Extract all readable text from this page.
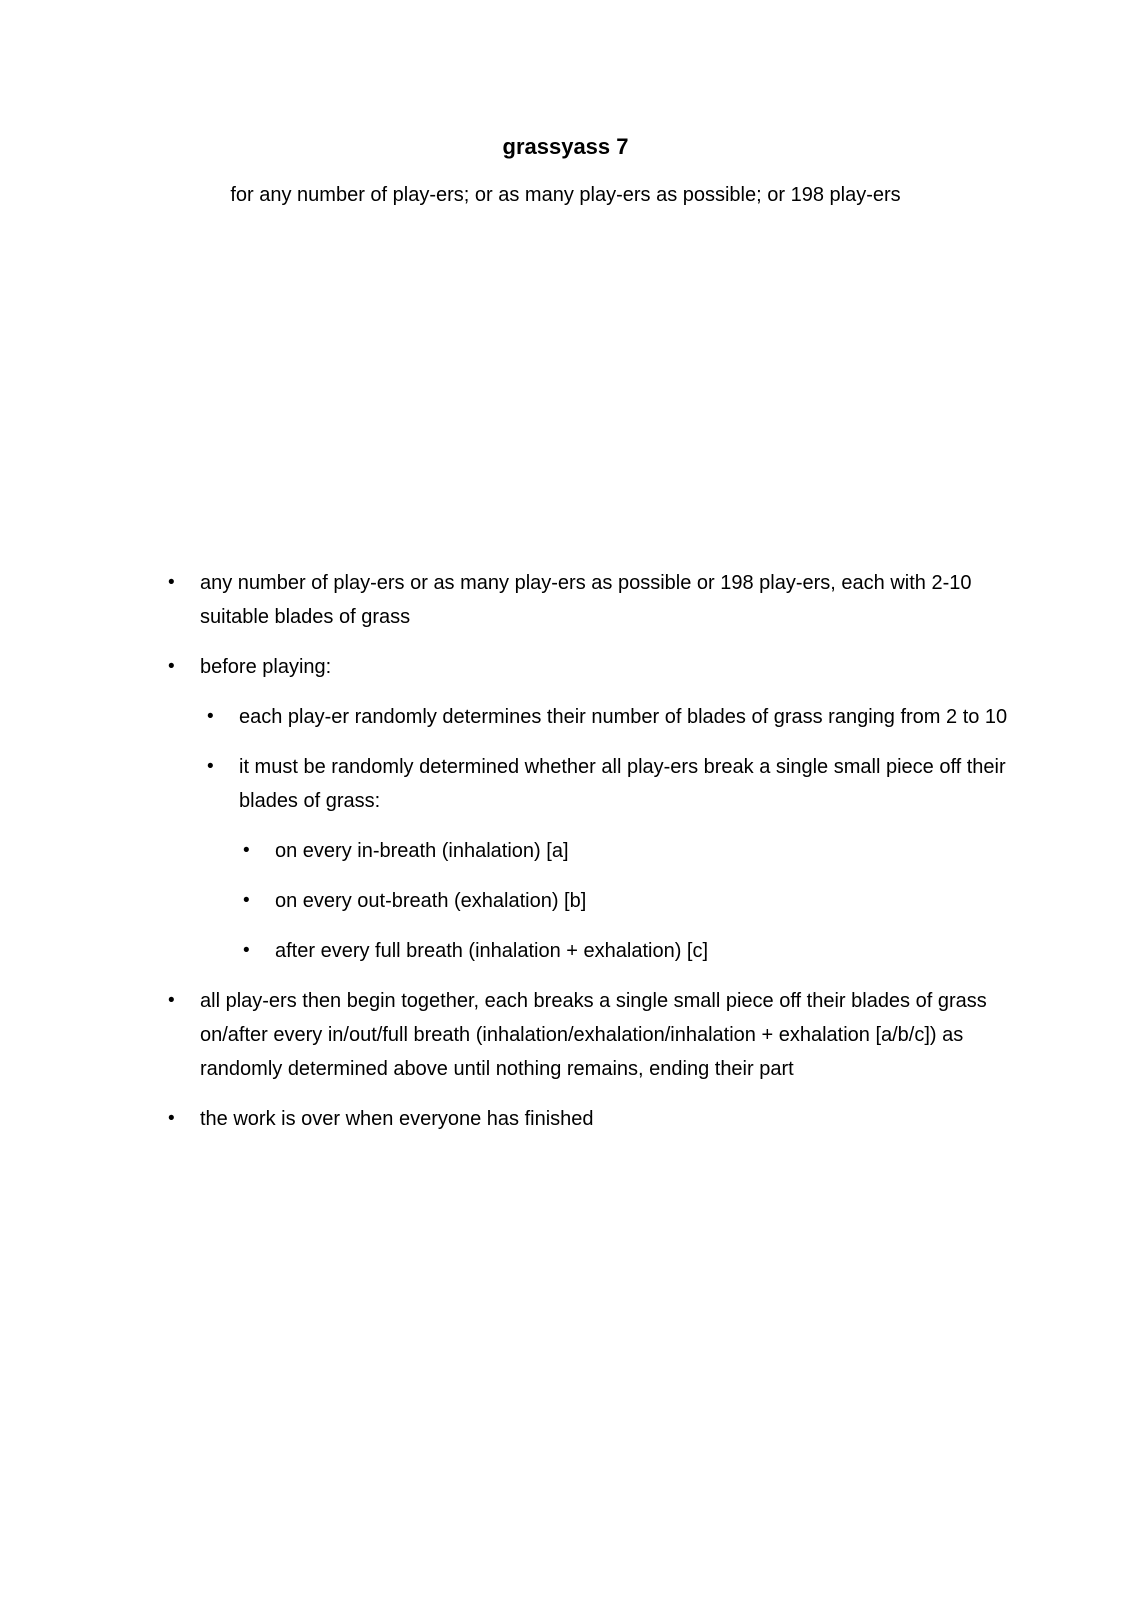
grassyass 7
for any number of play-ers; or as many play-ers as possible; or 198 play-ers
•	any number of play-ers or as many play-ers as possible or 198 play-ers, each with 2-10
suitable blades of grass
•	before playing:
•	each play-er randomly determines their number of blades of grass ranging from 2 to 10
•	it must be randomly determined whether all play-ers break a single small piece off their
blades of grass:
•	on every in-breath (inhalation) [a]
•	on every out-breath (exhalation) [b]
•	after every full breath (inhalation + exhalation) [c]
•	all play-ers then begin together, each breaks a single small piece off their blades of grass
on/after every in/out/full breath (inhalation/exhalation/inhalation + exhalation [a/b/c]) as
randomly determined above until nothing remains, ending their part
•	the work is over when everyone has finished
